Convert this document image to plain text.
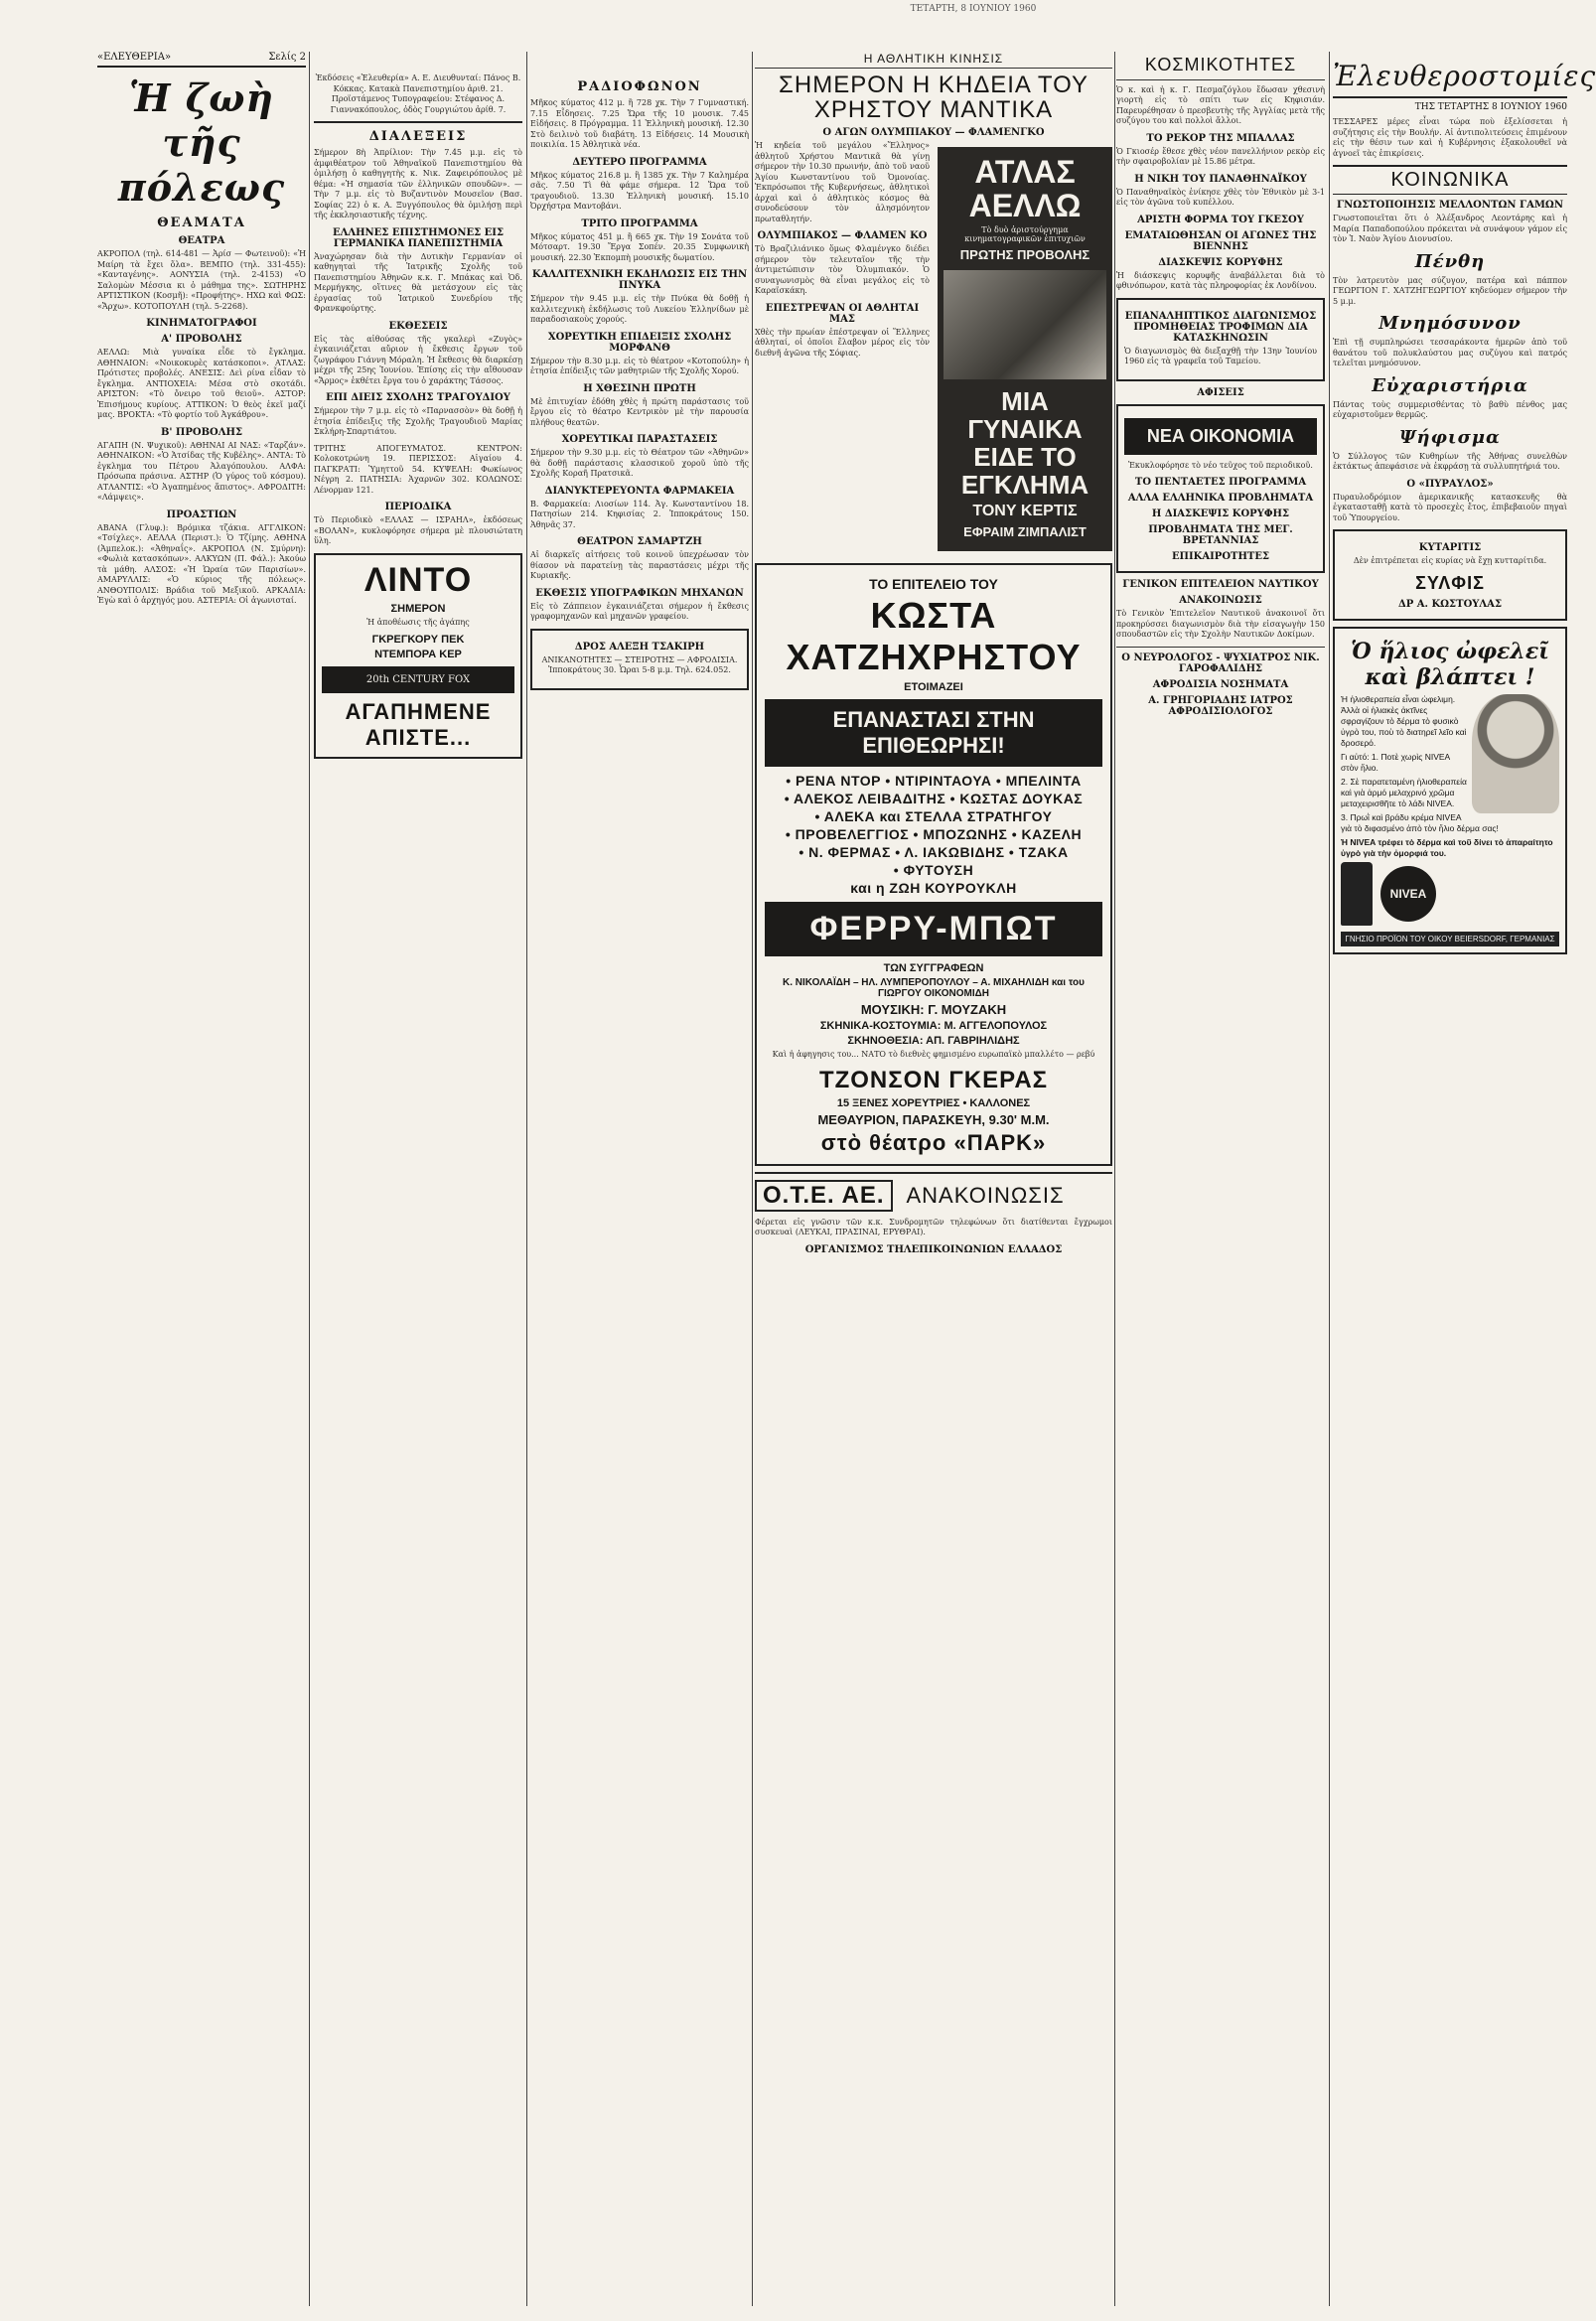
«ΕΛΕΥΘΕΡΙΑ»	Σελίς 2
Ἡ ζωὴ τῆς πόλεως
ΘΕΑΜΑΤΑ
ΘΕΑΤΡΑ

ΑΚΡΟΠΟΛ (τηλ. 614-481 — Ἀρίσ — Φωτεινοῦ): «Ἡ Μαίρη τὰ ἔχει ὅλα». ΒΕΜΠΟ (τηλ. 331-455): «Κανταγένης». ΑΟΝΥΣΙΑ (τηλ. 2-4153) «Ὁ Σαλομὼν Μέσσια κι ὁ μάθημα της». ΣΩΤΗΡΗΣ ΑΡΤΙΣΤΙΚΟΝ (Κοσμῆ): «Προφήτης». ΗΧΩ καὶ ΦΩΣ: «Ἄρχω». ΚΟΤΟΠΟΥΛΗ (τηλ. 5-2268).

ΚΙΝΗΜΑΤΟΓΡΑΦΟΙ
Α' ΠΡΟΒΟΛΗΣ

ΑΕΛΛΩ: Μιὰ γυναίκα εἶδε τὸ ἔγκλημα. ΑΘΗΝΑΙΟΝ: «Νοικοκυρὲς κατάσκοποι». ΑΤΛΑΣ: Πρότιστες προβολές. ΑΝΕΣΙΣ: Δεὶ ρίνα εἶδαν τὸ ἔγκλημα. ΑΝΤΙΟΧΕΙΑ: Μέσα στὸ σκοτάδι. ΑΡΙΣΤΟΝ: «Τὸ ὄνειρο τοῦ θειοῦ». ΑΣΤΟΡ: Ἐπισήμους κυρίους. ΑΤΤΙΚΟΝ: Ὁ θεὸς ἐκεῖ μαζί μας. ΒΡΟΚΤΑ: «Τὸ φορτίο τοῦ Ἀγκάθρου».

Β' ΠΡΟΒΟΛΗΣ

ΑΓΑΠΗ (Ν. Ψυχικοῦ): ΑΘΗΝΑΙ ΑΙ ΝΑΣ: «Ταρζάν». ΑΘΗΝΑΙΚΟΝ: «Ὁ Ἀτσίδας τῆς Κυβέλης». ΑΝΤΑ: Τὸ ἐγκλημα του Πέτρου Ἀλαγόπουλου. ΑΛΦΑ: Πρόσωπα πράσινα. ΑΣΤΗΡ (Ὁ γύρος τοῦ κόσμου). ΑΤΛΑΝΤΙΣ: «Ὁ Ἀγαπημένος ἄπιστος». ΑΦΡΟΔΙΤΗ: «Λάμψεις».

ΠΡΟΑΣΤΙΩΝ

ΑΒΑΝΑ (Γλυφ.): Βρόμικα τζάκια. ΑΓΓΛΙΚΟΝ: «Τσίχλες». ΑΕΛΛΑ (Περιστ.): Ὁ Τζίμης. ΑΘΗΝΑ (Ἀμπελοκ.): «Ἀθηναΐς». ΑΚΡΟΠΟΛ (Ν. Σμύρνη): «Φωλιὰ κατασκόπων». ΑΛΚΥΩΝ (Π. Φάλ.): Ἀκούω τὰ μάθη. ΑΛΣΟΣ: «Ἡ Ὡραία τῶν Παρισίων». ΑΜΑΡΥΛΛΙΣ: «Ὁ κύριος τῆς πόλεως». ΑΝΘΟΥΠΟΛΙΣ: Βράδια τοῦ Μεξικοῦ. ΑΡΚΑΔΙΑ: Ἐγὼ καὶ ὁ ἀρχηγός μου. ΑΣΤΕΡΙΑ: Οἱ ἀγωνισταί.

Ἐκδόσεις «Ἐλευθερία» Α. Ε. Διευθυνταί: Πάνος Β. Κόκκας. Κατακὰ Πανεπιστημίου ἀριθ. 21. Προϊστάμενος Τυπογραφείου: Στέφανος Δ. Γιαννακόπουλος, ὁδὸς Γουργιώτου ἀρίθ. 7.

ΔΙΑΛΕΞΕΙΣ

Σήμερον 8ὴ Ἀπρίλιον: Τὴν 7.45 μ.μ. εἰς τὸ ἀμφιθέατρον τοῦ Ἀθηναϊκοῦ Πανεπιστημίου θὰ ὁμιλήσῃ ὁ καθηγητὴς κ. Νικ. Ζαφειρόπουλος μὲ θέμα: «Ἡ σημασία τῶν ἐλληνικῶν σπουδῶν». — Τὴν 7 μ.μ. εἰς τὸ Βυζαντινὸν Μουσεῖον (Βασ. Σοφίας 22) ὁ κ. Α. Ξυγγόπουλος θὰ ὁμιλήσῃ περὶ τῆς ἐκκλησιαστικῆς τέχνης.

ΕΛΛΗΝΕΣ ΕΠΙΣΤΗΜΟΝΕΣ ΕΙΣ ΓΕΡΜΑΝΙΚΑ ΠΑΝΕΠΙΣΤΗΜΙΑ

Ἀναχώρησαν διὰ τὴν Δυτικὴν Γερμανίαν οἱ καθηγηταὶ τῆς Ἰατρικῆς Σχολῆς τοῦ Πανεπιστημίου Ἀθηνῶν κ.κ. Γ. Μπάκας καὶ Ὁδ. Μερμήγκης, οἵτινες θὰ μετάσχουν εἰς τὰς ἐργασίας τοῦ Ἰατρικοῦ Συνεδρίου τῆς Φρανκφούρτης.

ΕΚΘΕΣΕΙΣ

Εἰς τὰς αἰθούσας τῆς γκαλερὶ «Ζυγὸς» ἐγκαινιάζεται αὔριον ἡ ἔκθεσις ἔργων τοῦ ζωγράφου Γιάννη Μόραλη. Ἡ ἔκθεσις θὰ διαρκέσῃ μέχρι τῆς 25ης Ἰουνίου. Ἐπίσης εἰς τὴν αἴθουσαν «Ἄρμος» ἐκθέτει ἔργα του ὁ χαράκτης Τάσσος.

ΕΠΙ ΔΙΕΙΣ ΣΧΟΛΗΣ ΤΡΑΓΟΥΔΙΟΥ

Σήμερον τὴν 7 μ.μ. εἰς τὸ «Παρνασσὸν» θὰ δοθῇ ἡ ἐτησία ἐπίδειξις τῆς Σχολῆς Τραγουδιοῦ Μαρίας Σκλήρη-Σπαρτιάτου.

ΤΡΙΤΗΣ ΑΠΟΓΕΥΜΑΤΟΣ. ΚΕΝΤΡΟΝ: Κολοκοτρώνη 19. ΠΕΡΙΣΣΟΣ: Αἰγαίου 4. ΠΑΓΚΡΑΤΙ: Ὑμηττοῦ 54. ΚΥΨΕΛΗ: Φωκίωνος Νέγρη 2. ΠΑΤΗΣΙΑ: Ἀχαρνῶν 302. ΚΟΛΩΝΟΣ: Λένορμαν 121.

ΠΕΡΙΟΔΙΚΑ

Τὸ Περιοδικὸ «ΕΛΛΑΣ — ΙΣΡΑΗΛ», ἐκδόσεως «ΒΟΛΑΝ», κυκλοφόρησε σήμερα μὲ πλουσιώτατη ὕλη.

ΛΙΝΤΟ
ΣΗΜΕΡΟΝ
Ἡ ἀποθέωσις τῆς ἀγάπης
ΓΚΡΕΓΚΟΡΥ ΠΕΚ
ΝΤΕΜΠΟΡΑ ΚΕΡ
20th CENTURY FOX
ΑΓΑΠΗΜΕΝΕ ΑΠΙΣΤΕ...
ΡΑΔΙΟΦΩΝΟΝ

Μῆκος κύματος 412 μ. ἢ 728 χκ. Τὴν 7 Γυμναστική. 7.15 Εἶδησεις. 7.25 Ὥρα τῆς 10 μουσικ. 7.45 Εἰδήσεις. 8 Πρόγραμμα. 11 Ἐλληνικὴ μουσική. 12.30 Στὸ δειλινὸ τοῦ διαβάτη. 13 Εἰδήσεις. 14 Μουσικὴ ποικιλία. 15 Ἀθλητικὰ νέα.

ΔΕΥΤΕΡΟ ΠΡΟΓΡΑΜΜΑ

Μῆκος κύματος 216.8 μ. ἢ 1385 χκ. Τὴν 7 Καλημέρα σᾶς. 7.50 Τὶ θὰ φάμε σήμερα. 12 Ὥρα τοῦ τραγουδιοῦ. 13.30 Ἑλληνικὴ μουσική. 15.10 Ὀρχήστρα Μαντοβάνι.

ΤΡΙΤΟ ΠΡΟΓΡΑΜΜΑ

Μῆκος κύματος 451 μ. ἢ 665 χκ. Τὴν 19 Σονάτα τοῦ Μότσαρτ. 19.30 Ἔργα Σοπέν. 20.35 Συμφωνικὴ μουσική. 22.30 Ἐκπομπὴ μουσικῆς δωματίου.

ΚΑΛΛΙΤΕΧΝΙΚΗ ΕΚΔΗΛΩΣΙΣ ΕΙΣ ΤΗΝ ΠΝΥΚΑ

Σήμερον τὴν 9.45 μ.μ. εἰς τὴν Πνύκα θὰ δοθῇ ἡ καλλιτεχνικὴ ἐκδήλωσις τοῦ Λυκείου Ἑλληνίδων μὲ παραδοσιακοὺς χορούς.

ΧΟΡΕΥΤΙΚΗ ΕΠΙΔΕΙΞΙΣ ΣΧΟΛΗΣ ΜΟΡΦΑΝΘ

Σήμερον τὴν 8.30 μ.μ. εἰς τὸ θέατρον «Κοτοπούλη» ἡ ἐτησία ἐπίδειξις τῶν μαθητριῶν τῆς Σχολῆς Χορού.

Η ΧΘΕΣΙΝΗ ΠΡΩΤΗ

Μὲ ἐπιτυχίαν ἐδόθη χθὲς ἡ πρώτη παράστασις τοῦ ἔργου εἰς τὸ θέατρο Κεντρικὸν μὲ τὴν παρουσία πλήθους θεατῶν.

ΧΟΡΕΥΤΙΚΑΙ ΠΑΡΑΣΤΑΣΕΙΣ

Σήμερον τὴν 9.30 μ.μ. εἰς τὸ Θέατρον τῶν «Ἀθηνῶν» θὰ δοθῇ παράστασις κλασσικοῦ χοροῦ ὑπὸ τῆς Σχολῆς Κοραῆ Πρατσικᾶ.

ΔΙΑΝΥΚΤΕΡΕΥΟΝΤΑ ΦΑΡΜΑΚΕΙΑ

Β. Φαρμακεία: Λιοσίων 114. Ἀγ. Κωνσταντίνου 18. Πατησίων 214. Κηφισίας 2. Ἱπποκράτους 150. Ἀθηνᾶς 37.

ΘΕΑΤΡΟΝ ΣΑΜΑΡΤΖΗ

Αἱ διαρκεῖς αἰτήσεις τοῦ κοινοῦ ὑπεχρέωσαν τὸν θίασον νὰ παρατείνῃ τὰς παραστάσεις μέχρι τῆς Κυριακῆς.

ΕΚΘΕΣΙΣ ΥΠΟΓΡΑΦΙΚΩΝ ΜΗΧΑΝΩΝ

Εἰς τὸ Ζάππειον ἐγκαινιάζεται σήμερον ἡ ἔκθεσις γραφομηχανῶν καὶ μηχανῶν γραφείου.

ΔΡΟΣ ΑΛΕΞΗ ΤΣΑΚΙΡΗ

ΑΝΙΚΑΝΟΤΗΤΕΣ — ΣΤΕΙΡΟΤΗΣ — ΑΦΡΟΔΙΣΙΑ. Ἱπποκράτους 30. Ὧραι 5-8 μ.μ. Τηλ. 624.052.

Η ΑΘΛΗΤΙΚΗ ΚΙΝΗΣΙΣ
ΣΗΜΕΡΟΝ Η ΚΗΔΕΙΑ ΤΟΥ ΧΡΗΣΤΟΥ ΜΑΝΤΙΚΑ
Ο ΑΓΩΝ ΟΛΥΜΠΙΑΚΟΥ — ΦΛΑΜΕΝΓΚΟ

Ἡ κηδεία τοῦ μεγάλου «Ἕλληνος» ἀθλητοῦ Χρήστου Μαντικᾶ θὰ γίνῃ σήμερον τὴν 10.30 πρωινήν, ἀπὸ τοῦ ναοῦ Ἁγίου Κωνσταντίνου τοῦ Ὀμονοίας. Ἐκπρόσωποι τῆς Κυβερνήσεως, ἀθλητικοὶ ἀρχαὶ καὶ ὁ ἀθλητικὸς κόσμος θὰ συνοδεύσουν τὸν ἀλησμόνητον πρωταθλητήν.

ΟΛΥΜΠΙΑΚΟΣ — ΦΛΑΜΕΝ ΚΟ

Τὸ Βραζιλιάνικο ὅμως Φλαμένγκο διέδει σήμερον τὸν τελευταῖον τῆς τὴν ἀντιμετώπισιν τὸν Ὀλυμπιακόν. Ὁ συναγωνισμὸς θὰ εἶναι μεγάλος εἰς τὸ Καραϊσκάκη.

ΕΠΕΣΤΡΕΨΑΝ ΟΙ ΑΘΛΗΤΑΙ ΜΑΣ

Χθὲς τὴν πρωίαν ἐπέστρεψαν οἱ Ἕλληνες ἀθληταί, οἱ ὁποῖοι ἔλαβον μέρος εἰς τὸν διεθνῆ ἀγῶνα τῆς Σόφιας.

ΑΤΛΑΣ ΑΕΛΛΩ
Τὸ δυὸ ἀριστούργημα κινηματογραφικῶν ἐπιτυχιῶν
ΠΡΩΤΗΣ ΠΡΟΒΟΛΗΣ
ΜΙΑ ΓΥΝΑΙΚΑ ΕΙΔΕ ΤΟ ΕΓΚΛΗΜΑ
ΤΟΝΥ ΚΕΡΤΙΣ
ΕΦΡΑΙΜ ΖΙΜΠΑΛΙΣΤ
ΤΟ ΕΠΙΤΕΛΕΙΟ ΤΟΥ
ΚΩΣΤΑ ΧΑΤΖΗΧΡΗΣΤΟΥ
ΕΤΟΙΜΑΖΕΙ
ΕΠΑΝΑΣΤΑΣΙ ΣΤΗΝ ΕΠΙΘΕΩΡΗΣΙ!
• ΡΕΝΑ ΝΤΟΡ • ΝΤΙΡΙΝΤΑΟΥΑ • ΜΠΕΛΙΝΤΑ
• ΑΛΕΚΟΣ ΛΕΙΒΑΔΙΤΗΣ • ΚΩΣΤΑΣ ΔΟΥΚΑΣ
• ΑΛΕΚΑ και ΣΤΕΛΛΑ ΣΤΡΑΤΗΓΟΥ
• ΠΡΟΒΕΛΕΓΓΙΟΣ • ΜΠΟΖΩΝΗΣ • ΚΑΖΕΛΗ
• Ν. ΦΕΡΜΑΣ • Λ. ΙΑΚΩΒΙΔΗΣ • ΤΖΑΚΑ
• ΦΥΤΟΥΣΗ
και η ΖΩΗ ΚΟΥΡΟΥΚΛΗ
ΦΕΡΡΥ-ΜΠΩΤ
ΤΩΝ ΣΥΓΓΡΑΦΕΩΝ
Κ. ΝΙΚΟΛΑΪΔΗ – ΗΛ. ΛΥΜΠΕΡΟΠΟΥΛΟΥ – Α. ΜΙΧΑΗΛΙΔΗ και του ΓΙΩΡΓΟΥ ΟΙΚΟΝΟΜΙΔΗ
ΜΟΥΣΙΚΗ: Γ. ΜΟΥΖΑΚΗ
ΣΚΗΝΙΚΑ-ΚΟΣΤΟΥΜΙΑ: Μ. ΑΓΓΕΛΟΠΟΥΛΟΣ
ΣΚΗΝΟΘΕΣΙΑ: ΑΠ. ΓΑΒΡΙΗΛΙΔΗΣ
Καὶ ἡ ἀφηγησις του... ΝΑΤΟ τὸ διεθνὲς φημισμένο ευρωπαϊκὸ μπαλλέτο — ρεβύ
ΤΖΟΝΣΟΝ ΓΚΕΡΑΣ
15 ΞΕΝΕΣ ΧΟΡΕΥΤΡΙΕΣ • ΚΑΛΛΟΝΕΣ
ΜΕΘΑΥΡΙΟΝ, ΠΑΡΑΣΚΕΥΗ, 9.30' Μ.Μ.
στὸ θέατρο «ΠΑΡΚ»
Ο.Τ.Ε. ΑΕ.	ΑΝΑΚΟΙΝΩΣΙΣ

Φέρεται εἰς γνῶσιν τῶν κ.κ. Συνδρομητῶν τηλεφώνων ὅτι διατίθενται ἔγχρωμοι συσκευαὶ (ΛΕΥΚΑΙ, ΠΡΑΣΙΝΑΙ, ΕΡΥΘΡΑΙ).

ΟΡΓΑΝΙΣΜΟΣ ΤΗΛΕΠΙΚΟΙΝΩΝΙΩΝ ΕΛΛΑΔΟΣ
ΚΟΣΜΙΚΟΤΗΤΕΣ

Ὁ κ. καὶ ἡ κ. Γ. Πεσμαζόγλου ἔδωσαν χθεσινὴ γιορτὴ εἰς τὸ σπίτι των εἰς Κηφισιάν. Παρευρέθησαν ὁ πρεσβευτὴς τῆς Ἀγγλίας μετὰ τῆς συζύγου του καὶ πολλοὶ ἄλλοι.

ΤΟ ΡΕΚΟΡ ΤΗΣ ΜΠΑΛΛΑΣ

Ὁ Γκιοσέρ ἔθεσε χθὲς νέον πανελλήνιον ρεκὸρ εἰς τὴν σφαιροβολίαν μὲ 15.86 μέτρα.

Η ΝΙΚΗ ΤΟΥ ΠΑΝΑΘΗΝΑΪΚΟΥ

Ὁ Παναθηναϊκὸς ἐνίκησε χθὲς τὸν Ἐθνικὸν μὲ 3-1 εἰς τὸν ἀγῶνα τοῦ κυπέλλου.

ΑΡΙΣΤΗ ΦΟΡΜΑ ΤΟΥ ΓΚΕΣΟΥ

ΕΜΑΤΑΙΩΘΗΣΑΝ ΟΙ ΑΓΩΝΕΣ ΤΗΣ ΒΙΕΝΝΗΣ

ΔΙΑΣΚΕΨΙΣ ΚΟΡΥΦΗΣ

Ἡ διάσκεψις κορυφῆς ἀναβάλλεται διὰ τὸ φθινόπωρον, κατὰ τὰς πληροφορίας ἐκ Λονδίνου.

ΕΠΑΝΑΛΗΠΤΙΚΟΣ ΔΙΑΓΩΝΙΣΜΟΣ ΠΡΟΜΗΘΕΙΑΣ ΤΡΟΦΙΜΩΝ ΔΙΑ ΚΑΤΑΣΚΗΝΩΣΙΝ

Ὁ διαγωνισμὸς θὰ διεξαχθῇ τὴν 13ην Ἰουνίου 1960 εἰς τὰ γραφεῖα τοῦ Ταμείου.

ΑΦΙΣΕΙΣ

ΝΕΑ ΟΙΚΟΝΟΜΙΑ

Ἐκυκλοφόρησε τὸ νέο τεῦχος τοῦ περιοδικοῦ.

ΤΟ ΠΕΝΤΑΕΤΕΣ ΠΡΟΓΡΑΜΜΑ
ΑΛΛΑ ΕΛΛΗΝΙΚΑ ΠΡΟΒΛΗΜΑΤΑ
Η ΔΙΑΣΚΕΨΙΣ ΚΟΡΥΦΗΣ
ΠΡΟΒΛΗΜΑΤΑ ΤΗΣ ΜΕΓ. ΒΡΕΤΑΝΝΙΑΣ
ΕΠΙΚΑΙΡΟΤΗΤΕΣ
ΓΕΝΙΚΟΝ ΕΠΙΤΕΛΕΙΟΝ ΝΑΥΤΙΚΟΥ
ΑΝΑΚΟΙΝΩΣΙΣ

Τὸ Γενικὸν Ἐπιτελεῖον Ναυτικοῦ ἀνακοινοῖ ὅτι προκηρύσσει διαγωνισμὸν διὰ τὴν εἰσαγωγὴν 150 σπουδαστῶν εἰς τὴν Σχολὴν Ναυτικῶν Δοκίμων.

Ο ΝΕΥΡΟΛΟΓΟΣ - ΨΥΧΙΑΤΡΟΣ ΝΙΚ. ΓΑΡΟΦΑΛΙΔΗΣ
ΑΦΡΟΔΙΣΙΑ ΝΟΣΗΜΑΤΑ
Α. ΓΡΗΓΟΡΙΑΔΗΣ ΙΑΤΡΟΣ ΑΦΡΟΔΙΣΙΟΛΟΓΟΣ
Ἐλευθεροστομίες
ΤΗΣ ΤΕΤΑΡΤΗΣ 8 ΙΟΥΝΙΟΥ 1960

ΤΕΣΣΑΡΕΣ μέρες εἶναι τώρα ποὺ ἐξελίσσεται ἡ συζήτησις εἰς τὴν Βουλήν. Αἱ ἀντιπολιτεύσεις ἐπιμένουν εἰς τὴν θέσιν των καὶ ἡ Κυβέρνησις ἐξακολουθεῖ νὰ ἀγνοεῖ τὰς ἐπικρίσεις.

ΚΟΙΝΩΝΙΚΑ
ΓΝΩΣΤΟΠΟΙΗΣΙΣ ΜΕΛΛΟΝΤΩΝ ΓΑΜΩΝ

Γνωστοποιεῖται ὅτι ὁ Ἀλέξανδρος Λεοντάρης καὶ ἡ Μαρία Παπαδοπούλου πρόκειται νὰ συνάψουν γάμον εἰς τὸν Ἱ. Ναὸν Ἁγίου Διονυσίου.

Πένθη

Τὸν λατρευτὸν μας σύζυγον, πατέρα καὶ πάππον ΓΕΩΡΓΙΟΝ Γ. ΧΑΤΖΗΓΕΩΡΓΙΟΥ κηδεύομεν σήμερον τὴν 5 μ.μ.

Μνημόσυνον

Ἐπὶ τῇ συμπληρώσει τεσσαράκοντα ἡμερῶν ἀπὸ τοῦ θανάτου τοῦ πολυκλαύστου μας συζύγου καὶ πατρός τελεῖται μνημόσυνον.

Εὐχαριστήρια

Πάντας τοὺς συμμερισθέντας τὸ βαθὺ πένθος μας εὐχαριστοῦμεν θερμῶς.

Ψήφισμα

Ὁ Σύλλογος τῶν Κυθηρίων τῆς Ἀθήνας συνελθὼν ἐκτάκτως ἀπεφάσισε νὰ ἐκφράσῃ τὰ συλλυπητήριά του.

Ο «ΠΥΡΑΥΛΟΣ»

Πυραυλοδρόμιον ἀμερικανικῆς κατασκευῆς θὰ ἐγκατασταθῇ κατὰ τὸ προσεχὲς ἔτος, ἐπιβεβαιοῦν πηγαὶ τοῦ Ὑπουργείου.

ΚΥΤΑΡΙΤΙΣ

Δὲν ἐπιτρέπεται εἰς κυρίας νὰ ἔχῃ κυτταρίτιδα.

ΣΥΛΦΙΣ
ΔΡ Α. ΚΩΣΤΟΥΛΑΣ
Ὁ ἥλιος ὠφελεῖ καὶ βλάπτει !

Ἡ ἡλιοθεραπεία εἶναι ὠφελιμη. Ἀλλὰ οἱ ἡλιακὲς ἀκτῖνες σφραγίζουν τὸ δέρμα τὸ φυσικὸ ὑγρὸ του, ποὺ τὸ διατηρεῖ λεῖο καὶ δροσερό.

Γι αὐτό: 1. Ποτὲ χωρὶς NIVEA στὸν ἥλιο.

2. Σὲ παρατεταμένη ἡλιοθεραπεία καὶ γιὰ ἁρμό μελαχρινό χρῶμα μεταχειρισθῆτε τὸ λάδι NIVEA.

3. Πρωῒ καὶ βράδυ κρέμα NIVEA γιὰ τὸ διφασμένο ἀπὸ τὸν ἥλιο δέρμα σας!

Ἡ NIVEA τρέφει τὸ δέρμα καὶ τοῦ δίνει τὸ ἀπαραίτητο ὑγρὸ γιὰ τὴν ὀμορφιά του.

NIVEA
ΓΝΗΣΙΟ ΠΡΟΪΟΝ ΤΟΥ ΟΙΚΟΥ BEIERSDORF, ΓΕΡΜΑΝΙΑΣ
ΤΕΤΑΡΤΗ, 8 ΙΟΥΝΙΟΥ 1960
